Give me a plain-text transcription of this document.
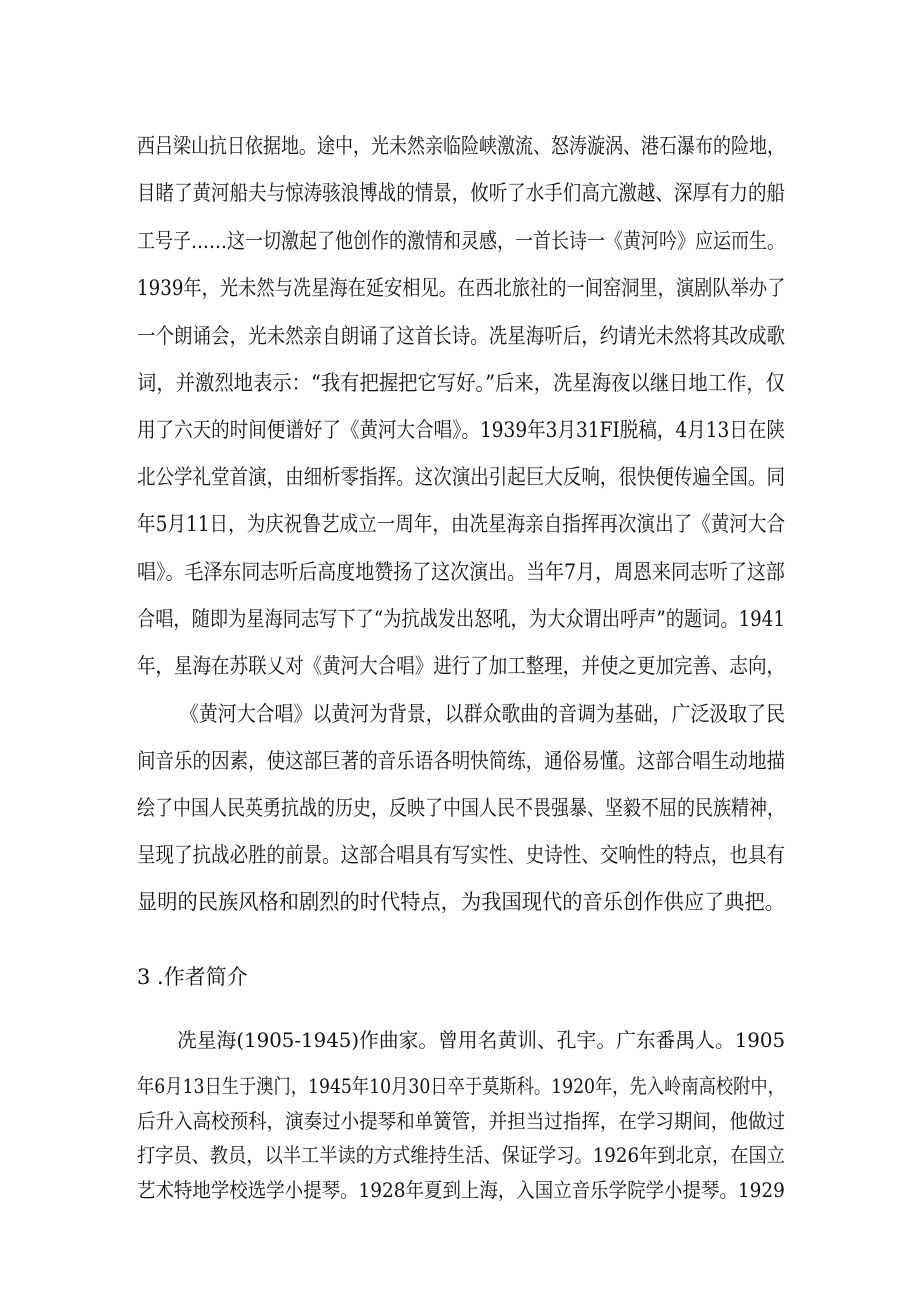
西吕梁山抗日依据地。途中，光未然亲临险峡激流、怒涛漩涡、港石瀑布的险地，
目睹了黄河船夫与惊涛骇浪博战的情景，攸听了水手们高亢激越、深厚有力的船
工号子……这一切激起了他创作的激情和灵感，一首长诗一《黄河吟》应运而生。
1939年，光未然与冼星海在延安相见。在西北旅社的一间窑洞里，演剧队举办了
一个朗诵会，光未然亲自朗诵了这首长诗。冼星海听后，约请光未然将其改成歌
词，并激烈地表示：“我有把握把它写好。”后来，冼星海夜以继日地工作，仅
用了六天的时间便谱好了《黄河大合唱》。1939年3月31FI脱稿，4月13日在陕
北公学礼堂首演，由细析零指挥。这次演出引起巨大反响，很快便传遍全国。同
年5月11日，为庆祝鲁艺成立一周年，由冼星海亲自指挥再次演出了《黄河大合
唱》。毛泽东同志听后高度地赞扬了这次演出。当年7月，周恩来同志听了这部
合唱，随即为星海同志写下了“为抗战发出怒吼，为大众谓出呼声”的题词。1941
年，星海在苏联乂对《黄河大合唱》进行了加工整理，并使之更加完善、志向，
《黄河大合唱》以黄河为背景，以群众歌曲的音调为基础，广泛汲取了民
间音乐的因素，使这部巨著的音乐语各明快简练，通俗易懂。这部合唱生动地描
绘了中国人民英勇抗战的历史，反映了中国人民不畏强暴、坚毅不屈的民族精神，
呈现了抗战必胜的前景。这部合唱具有写实性、史诗性、交响性的特点，也具有
显明的民族风格和剧烈的时代特点，为我国现代的音乐创作供应了典把。
3 .作者简介
冼星海(1905-1945)作曲家。曾用名黄训、孔宇。广东番禺人。1905
年6月13日生于澳门，1945年10月30日卒于莫斯科。1920年，先入岭南高校附中，
后升入高校预科，演奏过小提琴和单簧管，并担当过指挥，在学习期间，他做过
打字员、教员，以半工半读的方式维持生活、保证学习。1926年到北京，在国立
艺术特地学校选学小提琴。1928年夏到上海，入国立音乐学院学小提琴。1929
